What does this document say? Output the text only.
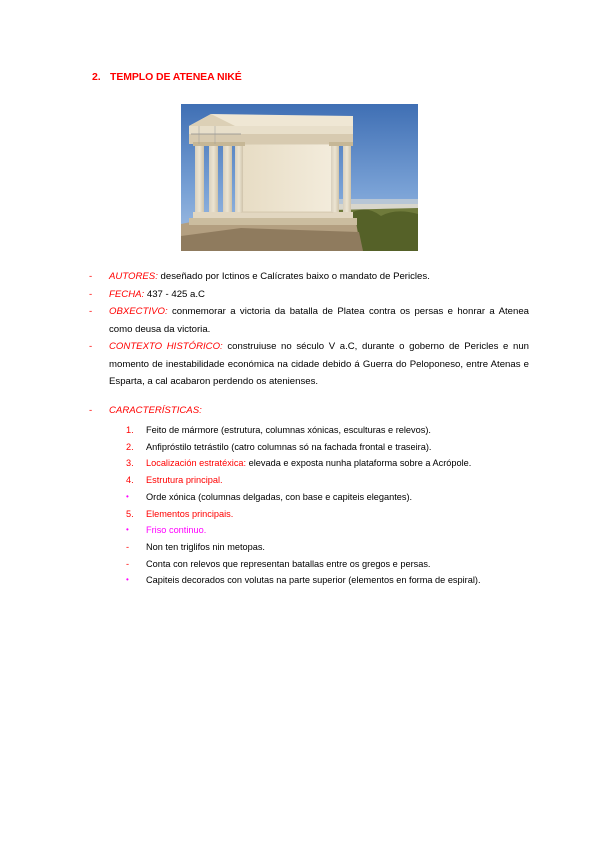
2. TEMPLO DE ATENEA NIKÉ
- AUTORES: deseñado por Ictinos e Calícrates baixo o mandato de Pericles.
- FECHA: 437 - 425 a.C
- OBXECTIVO: conmemorar a victoria da batalla de Platea contra os persas e honrar a Atenea como deusa da victoria.
- CONTEXTO HISTÓRICO: construiuse no século V a.C, durante o goberno de Pericles e nun momento de inestabilidade económica na cidade debido á Guerra do Peloponeso, entre Atenas e Esparta, a cal acabaron perdendo os atenienses.
- CARACTERÍSTICAS:
1.	Feito de mármore (estrutura, columnas xónicas, esculturas e relevos).
2.	Anfipróstilo tetrástilo (catro columnas só na fachada frontal e traseira).
3.	Localización estratéxica: elevada e exposta nunha plataforma sobre a Acrópole.
4.	Estrutura principal.
•	Orde xónica (columnas delgadas, con base e capiteis elegantes).
5.	Elementos principais.
•	Friso continuo.
-	Non ten triglifos nin metopas.
-	Conta con relevos que representan batallas entre os gregos e persas.
•	Capiteis decorados con volutas na parte superior (elementos en forma de espiral).
